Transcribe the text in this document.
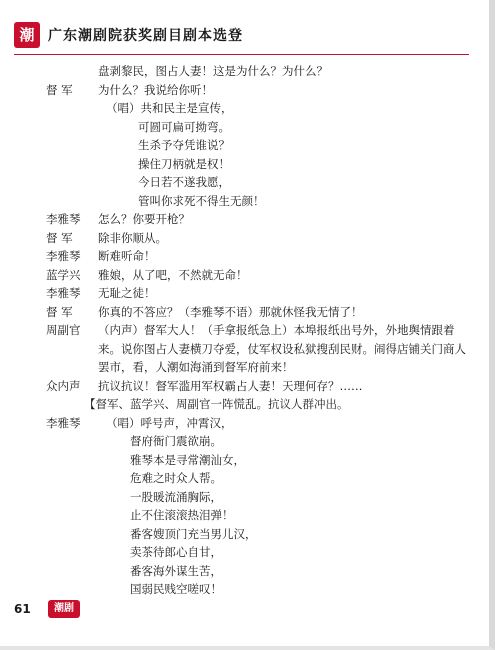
潮 广东潮剧院获奖剧目剧本选登
盘剥黎民，图占人妻！这是为什么？为什么？
督 军	为什么？我说给你听！
（唱）共和民主是宣传，
可圆可扁可拗弯。
生杀予夺凭谁说？
操住刀柄就是权！
今日若不遂我愿，
管叫你求死不得生无颜！
李雅琴	怎么？你要开枪？
督 军	除非你顺从。
李雅琴	断难听命！
蓝学兴	雅娘，从了吧，不然就无命！
李雅琴	无耻之徒！
督 军	你真的不答应？（李雅琴不语）那就休怪我无情了！
周副官	（内声）督军大人！（手拿报纸急上）本埠报纸出号外，外地舆情跟着来。说你图占人妻横刀夺爱，仗军权设私狱搜刮民财。闹得店铺关门商人罢市，看，人潮如海涌到督军府前来！
众内声	抗议抗议！督军滥用军权霸占人妻！天理何存？……
【督军、蓝学兴、周副官一阵慌乱。抗议人群冲出。
李雅琴	（唱）呼号声，冲霄汉，
督府衙门震欲崩。
雅琴本是寻常潮汕女，
危难之时众人帮。
一股暖流涌胸际，
止不住滚滚热泪弹！
番客嫂顶门充当男儿汉，
卖茶待郎心自甘，
番客海外谋生苦，
国弱民贱空嗟叹！
61	潮剧
